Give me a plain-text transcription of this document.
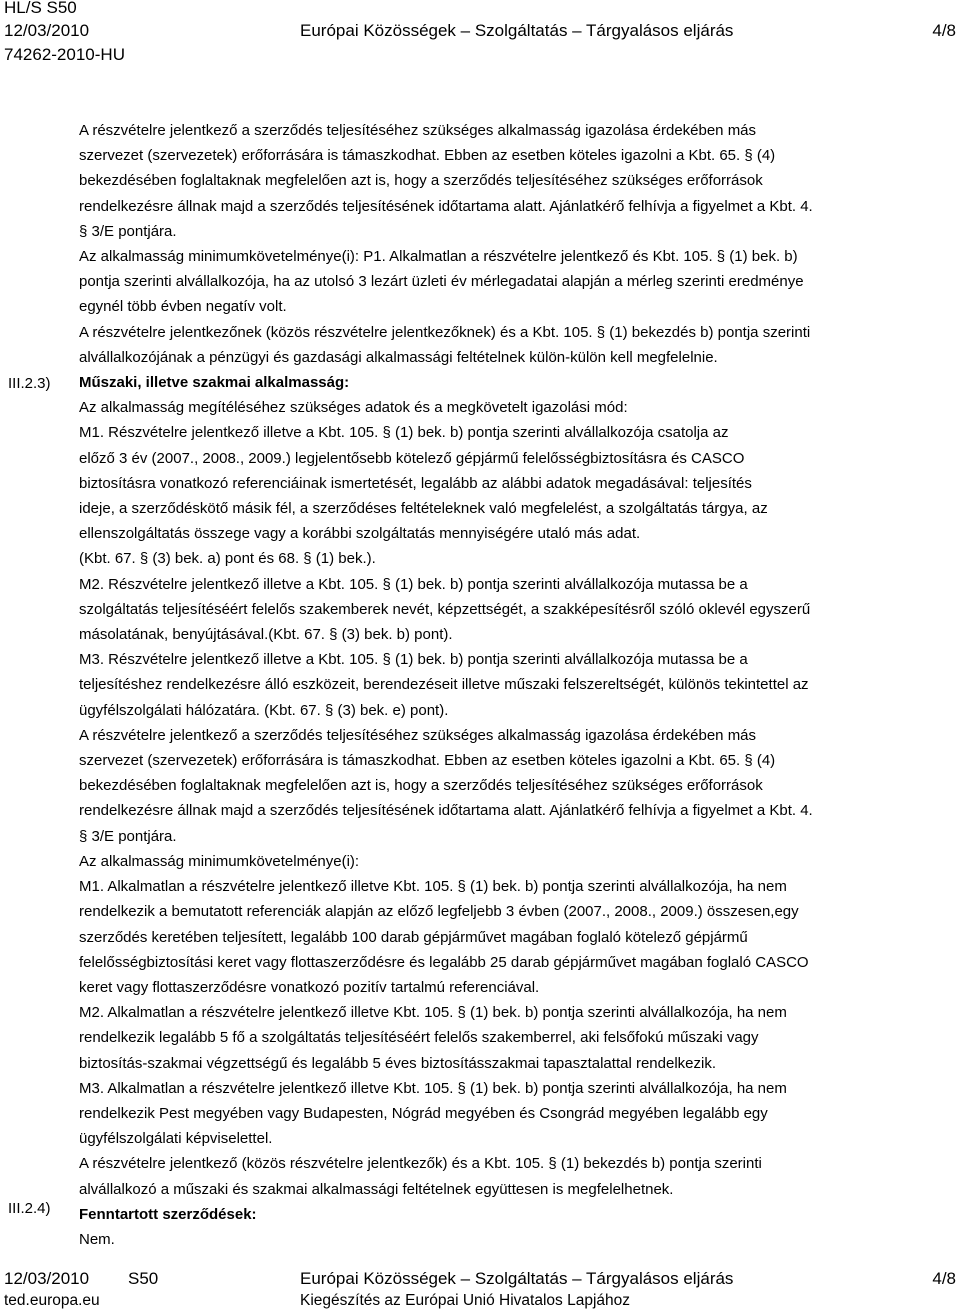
HL/S S50
12/03/2010
74262-2010-HU
Európai Közösségek – Szolgáltatás – Tárgyalásos eljárás	4/8
III.2.3)
III.2.4)

A részvételre jelentkező a szerződés teljesítéséhez szükséges alkalmasság igazolása érdekében más

szervezet (szervezetek) erőforrására is támaszkodhat. Ebben az esetben köteles igazolni a Kbt. 65. § (4)

bekezdésében foglaltaknak megfelelően azt is, hogy a szerződés teljesítéséhez szükséges erőforrások

rendelkezésre állnak majd a szerződés teljesítésének időtartama alatt. Ajánlatkérő felhívja a figyelmet a Kbt. 4.

§ 3/E pontjára.

Az alkalmasság minimumkövetelménye(i): P1. Alkalmatlan a részvételre jelentkező és Kbt. 105. § (1) bek. b)

pontja szerinti alvállalkozója, ha az utolsó 3 lezárt üzleti év mérlegadatai alapján a mérleg szerinti eredménye

egynél több évben negatív volt.

A részvételre jelentkezőnek (közös részvételre jelentkezőknek) és a Kbt. 105. § (1) bekezdés b) pontja szerinti

alvállalkozójának a pénzügyi és gazdasági alkalmassági feltételnek külön-külön kell megfelelnie.

Műszaki, illetve szakmai alkalmasság:

Az alkalmasság megítéléséhez szükséges adatok és a megkövetelt igazolási mód:

M1. Részvételre jelentkező illetve a Kbt. 105. § (1) bek. b) pontja szerinti alvállalkozója csatolja az

előző 3 év (2007., 2008., 2009.) legjelentősebb kötelező gépjármű felelősségbiztosításra és CASCO

biztosításra vonatkozó referenciáinak ismertetését, legalább az alábbi adatok megadásával: teljesítés

ideje, a szerződéskötő másik fél, a szerződéses feltételeknek való megfelelést, a szolgáltatás tárgya, az

ellenszolgáltatás összege vagy a korábbi szolgáltatás mennyiségére utaló más adat.

(Kbt. 67. § (3) bek. a) pont és 68. § (1) bek.).

M2. Részvételre jelentkező illetve a Kbt. 105. § (1) bek. b) pontja szerinti alvállalkozója mutassa be a

szolgáltatás teljesítéséért felelős szakemberek nevét, képzettségét, a szakképesítésről szóló oklevél egyszerű

másolatának, benyújtásával.(Kbt. 67. § (3) bek. b) pont).

M3. Részvételre jelentkező illetve a Kbt. 105. § (1) bek. b) pontja szerinti alvállalkozója mutassa be a

teljesítéshez rendelkezésre álló eszközeit, berendezéseit illetve műszaki felszereltségét, különös tekintettel az

ügyfélszolgálati hálózatára. (Kbt. 67. § (3) bek. e) pont).

A részvételre jelentkező a szerződés teljesítéséhez szükséges alkalmasság igazolása érdekében más

szervezet (szervezetek) erőforrására is támaszkodhat. Ebben az esetben köteles igazolni a Kbt. 65. § (4)

bekezdésében foglaltaknak megfelelően azt is, hogy a szerződés teljesítéséhez szükséges erőforrások

rendelkezésre állnak majd a szerződés teljesítésének időtartama alatt. Ajánlatkérő felhívja a figyelmet a Kbt. 4.

§ 3/E pontjára.

Az alkalmasság minimumkövetelménye(i):

M1. Alkalmatlan a részvételre jelentkező illetve Kbt. 105. § (1) bek. b) pontja szerinti alvállalkozója, ha nem

rendelkezik a bemutatott referenciák alapján az előző legfeljebb 3 évben (2007., 2008., 2009.) összesen,egy

szerződés keretében teljesített, legalább 100 darab gépjárművet magában foglaló kötelező gépjármű

felelősségbiztosítási keret vagy flottaszerződésre és legalább 25 darab gépjárművet magában foglaló CASCO

keret vagy flottaszerződésre vonatkozó pozitív tartalmú referenciával.

M2. Alkalmatlan a részvételre jelentkező illetve Kbt. 105. § (1) bek. b) pontja szerinti alvállalkozója, ha nem

rendelkezik legalább 5 fő a szolgáltatás teljesítéséért felelős szakemberrel, aki felsőfokú műszaki vagy

biztosítás-szakmai végzettségű és legalább 5 éves biztosításszakmai tapasztalattal rendelkezik.

M3. Alkalmatlan a részvételre jelentkező illetve Kbt. 105. § (1) bek. b) pontja szerinti alvállalkozója, ha nem

rendelkezik Pest megyében vagy Budapesten, Nógrád megyében és Csongrád megyében legalább egy

ügyfélszolgálati képviselettel.

A részvételre jelentkező (közös részvételre jelentkezők) és a Kbt. 105. § (1) bekezdés b) pontja szerinti

alvállalkozó a műszaki és szakmai alkalmassági feltételnek együttesen is megfelelhetnek.

Fenntartott szerződések:

Nem.

12/03/2010 S50	Európai Közösségek – Szolgáltatás – Tárgyalásos eljárás	4/8
ted.europa.eu	Kiegészítés az Európai Unió Hivatalos Lapjához
